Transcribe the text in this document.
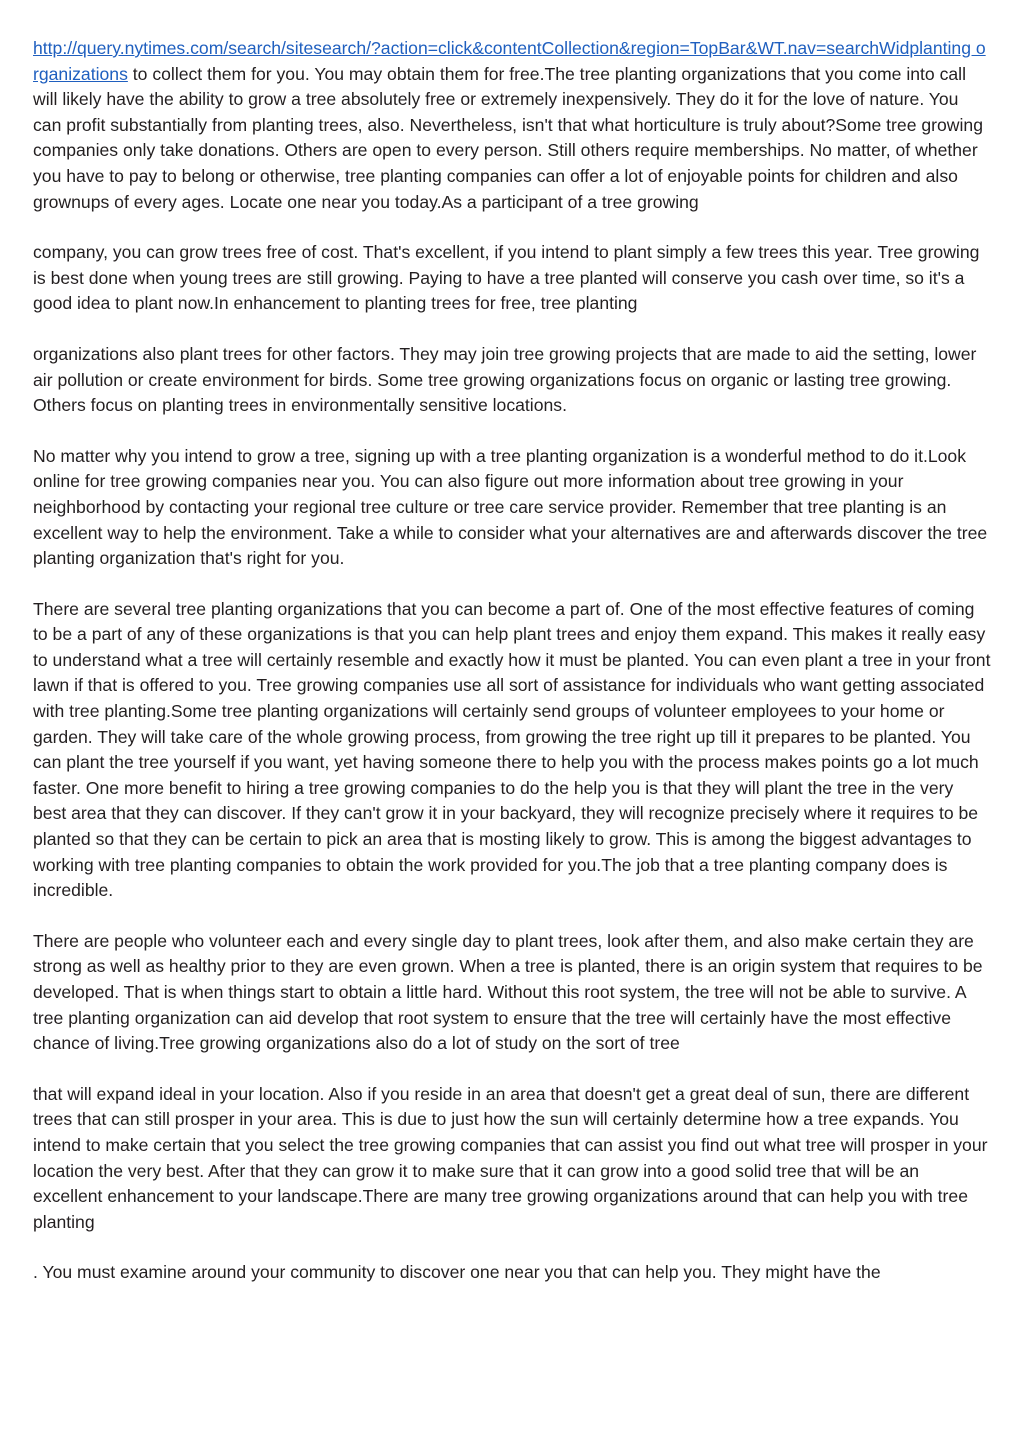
http://query.nytimes.com/search/sitesearch/?action=click&contentCollection&region=TopBar&WT.nav=searchWidplanting organizations to collect them for you. You may obtain them for free.The tree planting organizations that you come into call will likely have the ability to grow a tree absolutely free or extremely inexpensively. They do it for the love of nature. You can profit substantially from planting trees, also. Nevertheless, isn't that what horticulture is truly about?Some tree growing companies only take donations. Others are open to every person. Still others require memberships. No matter, of whether you have to pay to belong or otherwise, tree planting companies can offer a lot of enjoyable points for children and also grownups of every ages. Locate one near you today.As a participant of a tree growing

company, you can grow trees free of cost. That's excellent, if you intend to plant simply a few trees this year. Tree growing is best done when young trees are still growing. Paying to have a tree planted will conserve you cash over time, so it's a good idea to plant now.In enhancement to planting trees for free, tree planting

organizations also plant trees for other factors. They may join tree growing projects that are made to aid the setting, lower air pollution or create environment for birds. Some tree growing organizations focus on organic or lasting tree growing. Others focus on planting trees in environmentally sensitive locations.

No matter why you intend to grow a tree, signing up with a tree planting organization is a wonderful method to do it.Look online for tree growing companies near you. You can also figure out more information about tree growing in your neighborhood by contacting your regional tree culture or tree care service provider. Remember that tree planting is an excellent way to help the environment. Take a while to consider what your alternatives are and afterwards discover the tree planting organization that's right for you.

There are several tree planting organizations that you can become a part of. One of the most effective features of coming to be a part of any of these organizations is that you can help plant trees and enjoy them expand. This makes it really easy to understand what a tree will certainly resemble and exactly how it must be planted. You can even plant a tree in your front lawn if that is offered to you. Tree growing companies use all sort of assistance for individuals who want getting associated with tree planting.Some tree planting organizations will certainly send groups of volunteer employees to your home or garden. They will take care of the whole growing process, from growing the tree right up till it prepares to be planted. You can plant the tree yourself if you want, yet having someone there to help you with the process makes points go a lot much faster. One more benefit to hiring a tree growing companies to do the help you is that they will plant the tree in the very best area that they can discover. If they can't grow it in your backyard, they will recognize precisely where it requires to be planted so that they can be certain to pick an area that is mosting likely to grow. This is among the biggest advantages to working with tree planting companies to obtain the work provided for you.The job that a tree planting company does is incredible.

There are people who volunteer each and every single day to plant trees, look after them, and also make certain they are strong as well as healthy prior to they are even grown. When a tree is planted, there is an origin system that requires to be developed. That is when things start to obtain a little hard. Without this root system, the tree will not be able to survive. A tree planting organization can aid develop that root system to ensure that the tree will certainly have the most effective chance of living.Tree growing organizations also do a lot of study on the sort of tree

that will expand ideal in your location. Also if you reside in an area that doesn't get a great deal of sun, there are different trees that can still prosper in your area. This is due to just how the sun will certainly determine how a tree expands. You intend to make certain that you select the tree growing companies that can assist you find out what tree will prosper in your location the very best. After that they can grow it to make sure that it can grow into a good solid tree that will be an excellent enhancement to your landscape.There are many tree growing organizations around that can help you with tree planting

. You must examine around your community to discover one near you that can help you. They might have the
